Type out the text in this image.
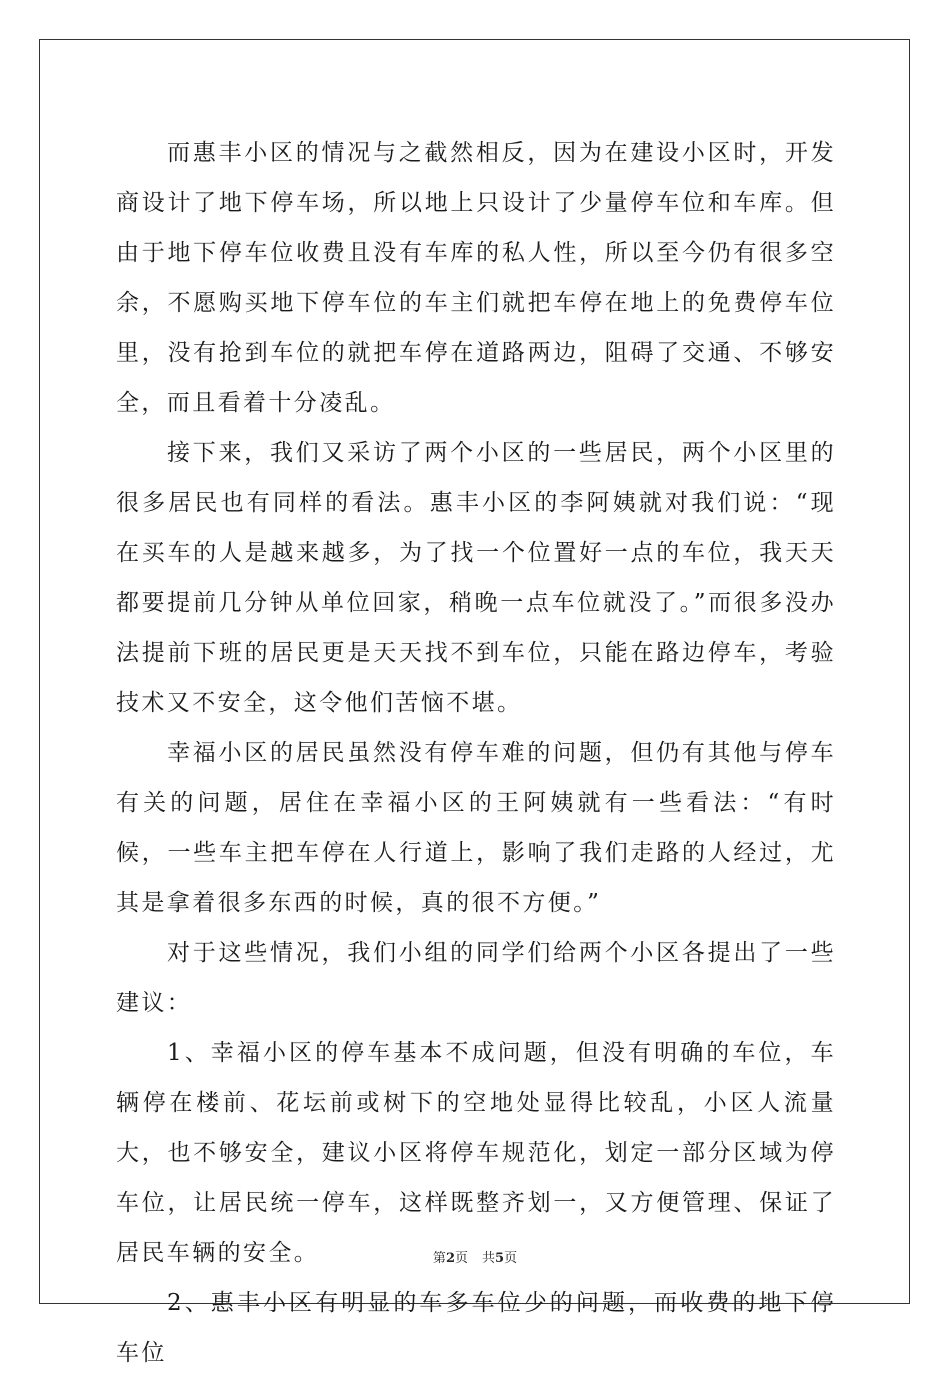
而惠丰小区的情况与之截然相反，因为在建设小区时，开发商设计了地下停车场，所以地上只设计了少量停车位和车库。但由于地下停车位收费且没有车库的私人性，所以至今仍有很多空余，不愿购买地下停车位的车主们就把车停在地上的免费停车位里，没有抢到车位的就把车停在道路两边，阻碍了交通、不够安全，而且看着十分凌乱。

接下来，我们又采访了两个小区的一些居民，两个小区里的很多居民也有同样的看法。惠丰小区的李阿姨就对我们说：“现在买车的人是越来越多，为了找一个位置好一点的车位，我天天都要提前几分钟从单位回家，稍晚一点车位就没了。”而很多没办法提前下班的居民更是天天找不到车位，只能在路边停车，考验技术又不安全，这令他们苦恼不堪。

幸福小区的居民虽然没有停车难的问题，但仍有其他与停车有关的问题，居住在幸福小区的王阿姨就有一些看法：“有时候，一些车主把车停在人行道上，影响了我们走路的人经过，尤其是拿着很多东西的时候，真的很不方便。”

对于这些情况，我们小组的同学们给两个小区各提出了一些建议：

1、幸福小区的停车基本不成问题，但没有明确的车位，车辆停在楼前、花坛前或树下的空地处显得比较乱，小区人流量大，也不够安全，建议小区将停车规范化，划定一部分区域为停车位，让居民统一停车，这样既整齐划一，又方便管理、保证了居民车辆的安全。

2、惠丰小区有明显的车多车位少的问题，而收费的地下停车位

第2页 共5页
